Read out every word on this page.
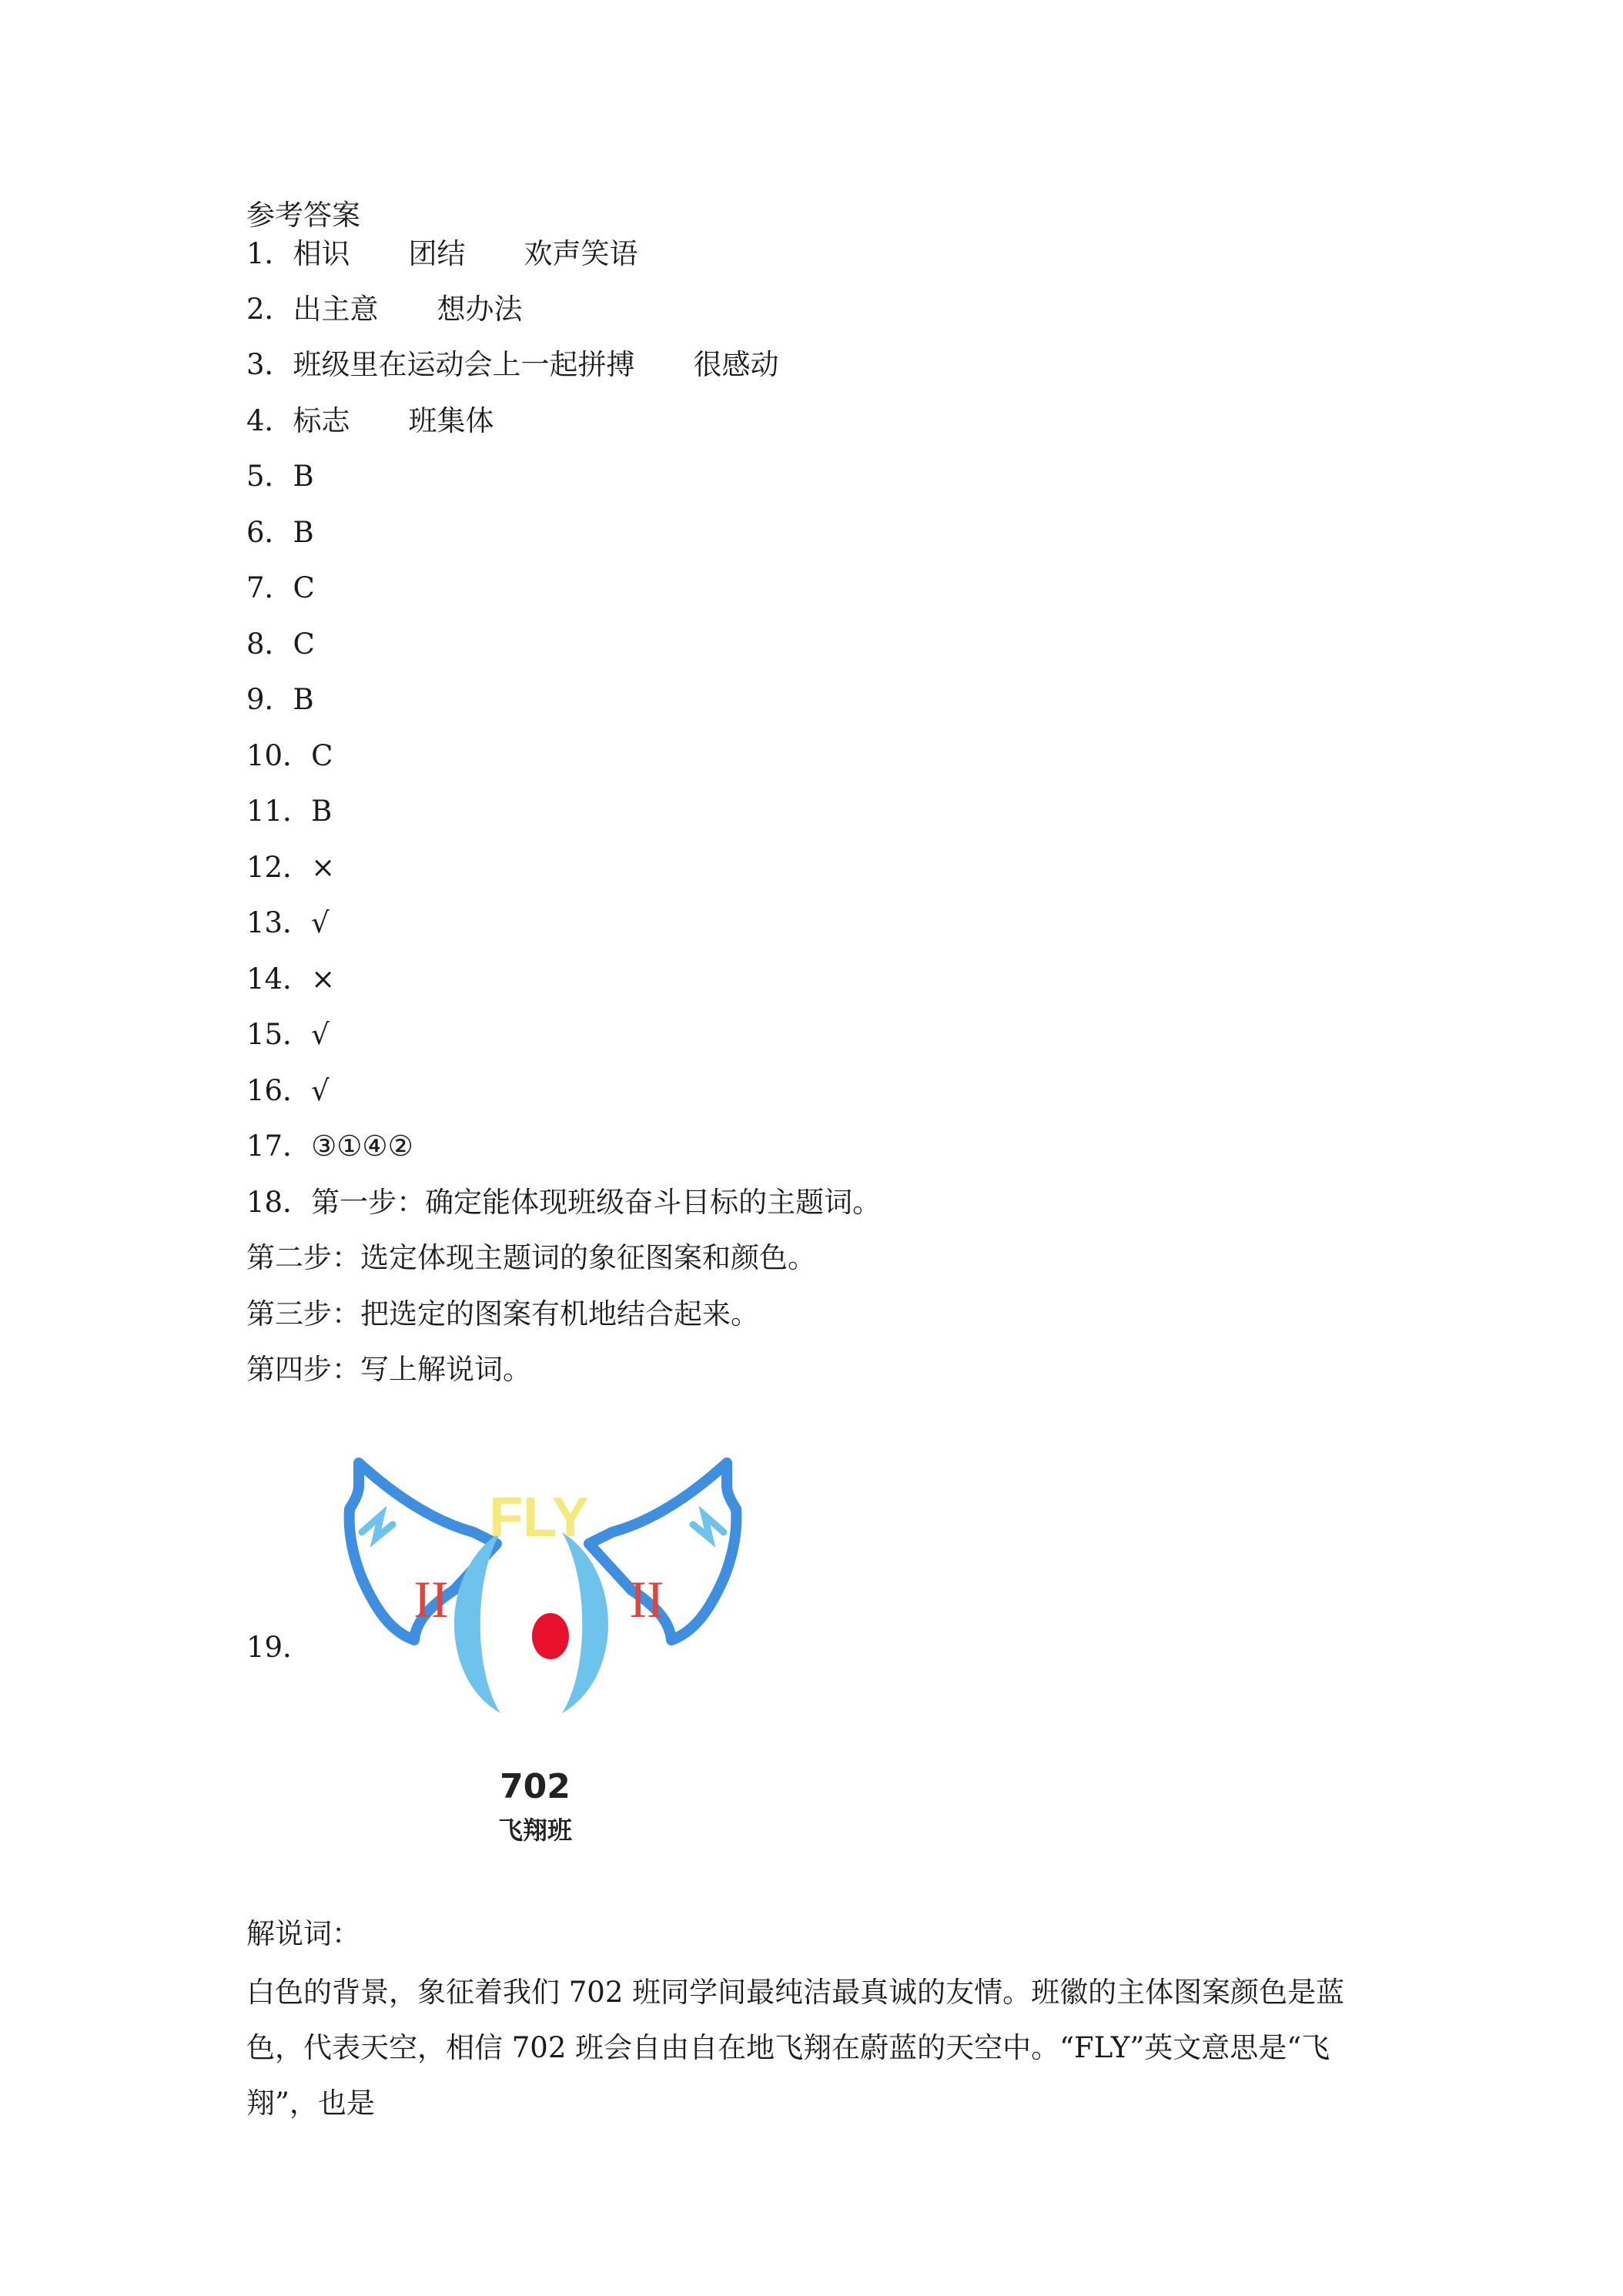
参考答案
1．相识 团结 欢声笑语
2．出主意 想办法
3．班级里在运动会上一起拼搏 很感动
4．标志 班集体
5．B
6．B
7．C
8．C
9．B
10．C
11．B
12．×
13．√
14．×
15．√
16．√
17．③①④②
18．第一步：确定能体现班级奋斗目标的主题词。
第二步：选定体现主题词的象征图案和颜色。
第三步：把选定的图案有机地结合起来。
第四步：写上解说词。
19．
FLY
II	II
702
飞翔班
解说词：
白色的背景，象征着我们 702 班同学间最纯洁最真诚的友情。班徽的主体图案颜色是蓝色，代表天空，相信 702 班会自由自在地飞翔在蔚蓝的天空中。“FLY”英文意思是“飞翔”，也是
